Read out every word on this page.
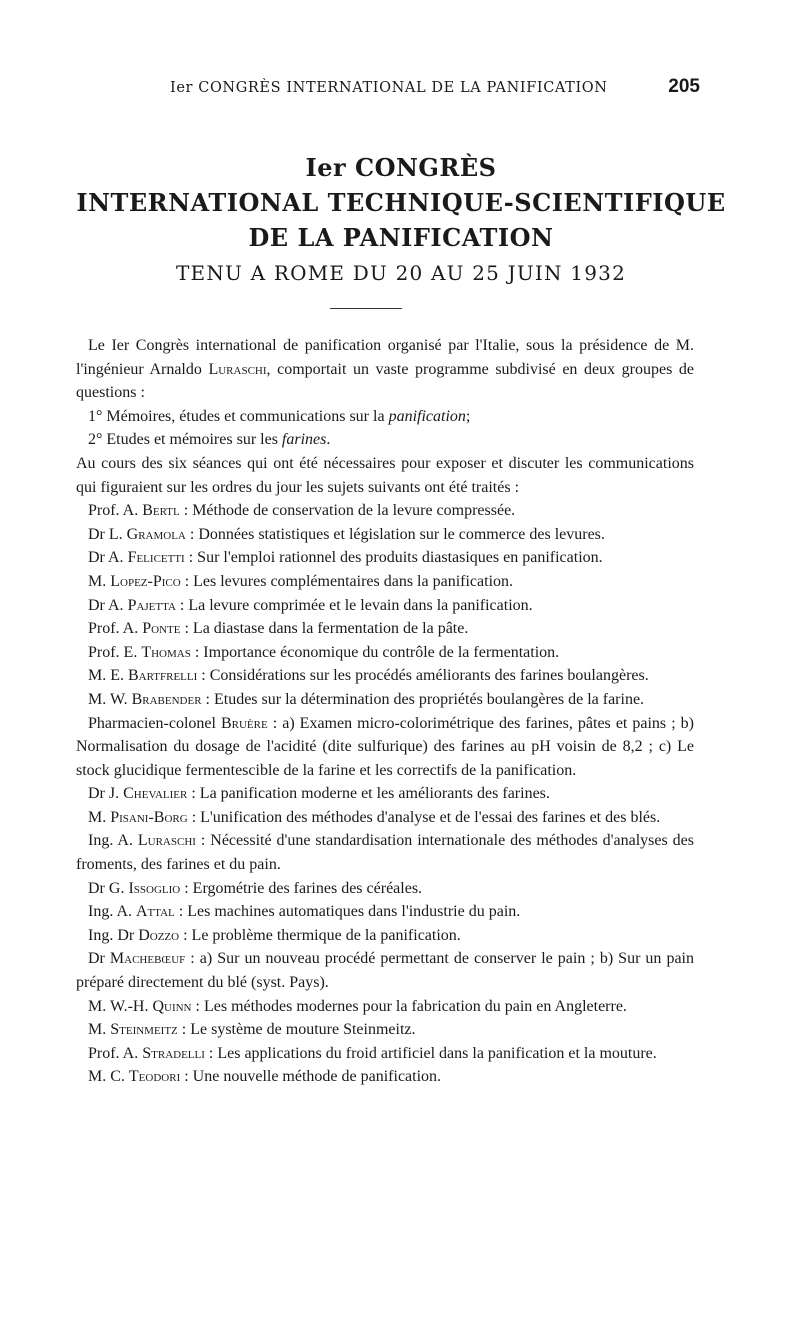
Ier CONGRÈS INTERNATIONAL DE LA PANIFICATION	205
Ier CONGRÈS
INTERNATIONAL TECHNIQUE-SCIENTIFIQUE
DE LA PANIFICATION
TENU A ROME DU 20 AU 25 JUIN 1932

Le Ier Congrès international de panification organisé par l'Italie, sous la présidence de M. l'ingénieur Arnaldo Luraschi, comportait un vaste programme subdivisé en deux groupes de questions :

1° Mémoires, études et communications sur la panification;

2° Etudes et mémoires sur les farines.

Au cours des six séances qui ont été nécessaires pour exposer et discuter les communications qui figuraient sur les ordres du jour les sujets suivants ont été traités :

Prof. A. Bertl : Méthode de conservation de la levure compressée.

Dr L. Gramola : Données statistiques et législation sur le commerce des levures.

Dr A. Felicetti : Sur l'emploi rationnel des produits diastasiques en panification.

M. Lopez-Pico : Les levures complémentaires dans la panification.

Dr A. Pajetta : La levure comprimée et le levain dans la panification.

Prof. A. Ponte : La diastase dans la fermentation de la pâte.

Prof. E. Thomas : Importance économique du contrôle de la fermentation.

M. E. Bartfrelli : Considérations sur les procédés améliorants des farines boulangères.

M. W. Brabender : Etudes sur la détermination des propriétés boulangères de la farine.

Pharmacien-colonel Bruère : a) Examen micro-colorimétrique des farines, pâtes et pains ; b) Normalisation du dosage de l'acidité (dite sulfurique) des farines au pH voisin de 8,2 ; c) Le stock glucidique fermentescible de la farine et les correctifs de la panification.

Dr J. Chevalier : La panification moderne et les améliorants des farines.

M. Pisani-Borg : L'unification des méthodes d'analyse et de l'essai des farines et des blés.

Ing. A. Luraschi : Nécessité d'une standardisation internationale des méthodes d'analyses des froments, des farines et du pain.

Dr G. Issoglio : Ergométrie des farines des céréales.

Ing. A. Attal : Les machines automatiques dans l'industrie du pain.

Ing. Dr Dozzo : Le problème thermique de la panification.

Dr Machebœuf : a) Sur un nouveau procédé permettant de conserver le pain ; b) Sur un pain préparé directement du blé (syst. Pays).

M. W.-H. Quinn : Les méthodes modernes pour la fabrication du pain en Angleterre.

M. Steinmeitz : Le système de mouture Steinmeitz.

Prof. A. Stradelli : Les applications du froid artificiel dans la panification et la mouture.

M. C. Teodori : Une nouvelle méthode de panification.
